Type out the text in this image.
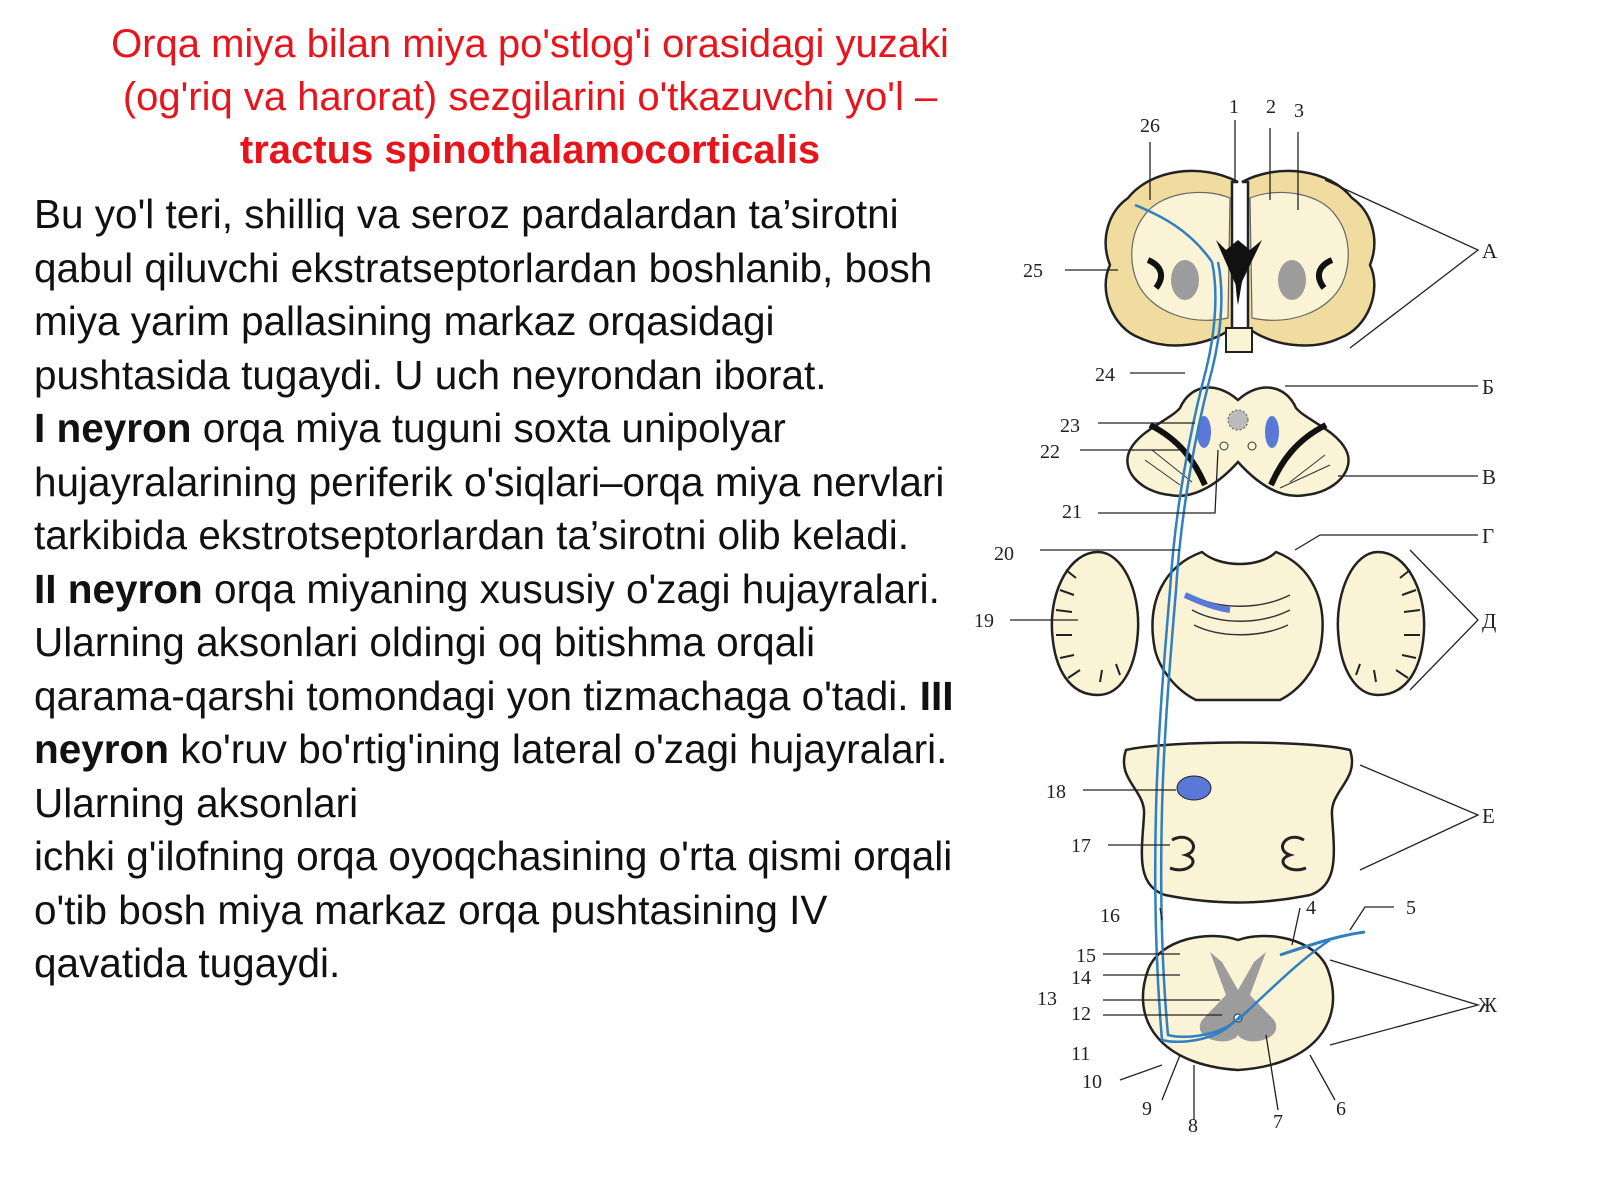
Orqa miya bilan miya po'stlog'i orasidagi yuzaki
(og'riq va harorat) sezgilarini o'tkazuvchi yo'l –
tractus spinothalamocorticalis

Bu yo'l teri, shilliq va seroz pardalardan ta’sirotni qabul qiluvchi ekstratseptorlardan boshlanib, bosh miya yarim pallasining markaz orqasidagi pushtasida tugaydi. U uch neyrondan iborat.

I neyron orqa miya tuguni soxta unipolyar hujayralarining periferik o'siqlari–orqa miya nervlari tarkibida ekstrotseptorlardan ta’sirotni olib keladi.

II neyron orqa miyaning xususiy o'zagi hujayralari. Ularning aksonlari oldingi oq bitishma orqali qarama-qarshi tomondagi yon tizmachaga o'tadi. III neyron ko'ruv bo'rtig'ining lateral o'zagi hujayralari. Ularning aksonlari

ichki g'ilofning orqa oyoqchasining o'rta qismi orqali o'tib bosh miya markaz orqa pushtasining IV qavatida tugaydi.

1 2 3
4	5
6
7
8
9
10
11
12
13
14
15
16
17
18
19
20
21
22
23
24
25
26
А
Б
В
Г
Д
Е
Ж
